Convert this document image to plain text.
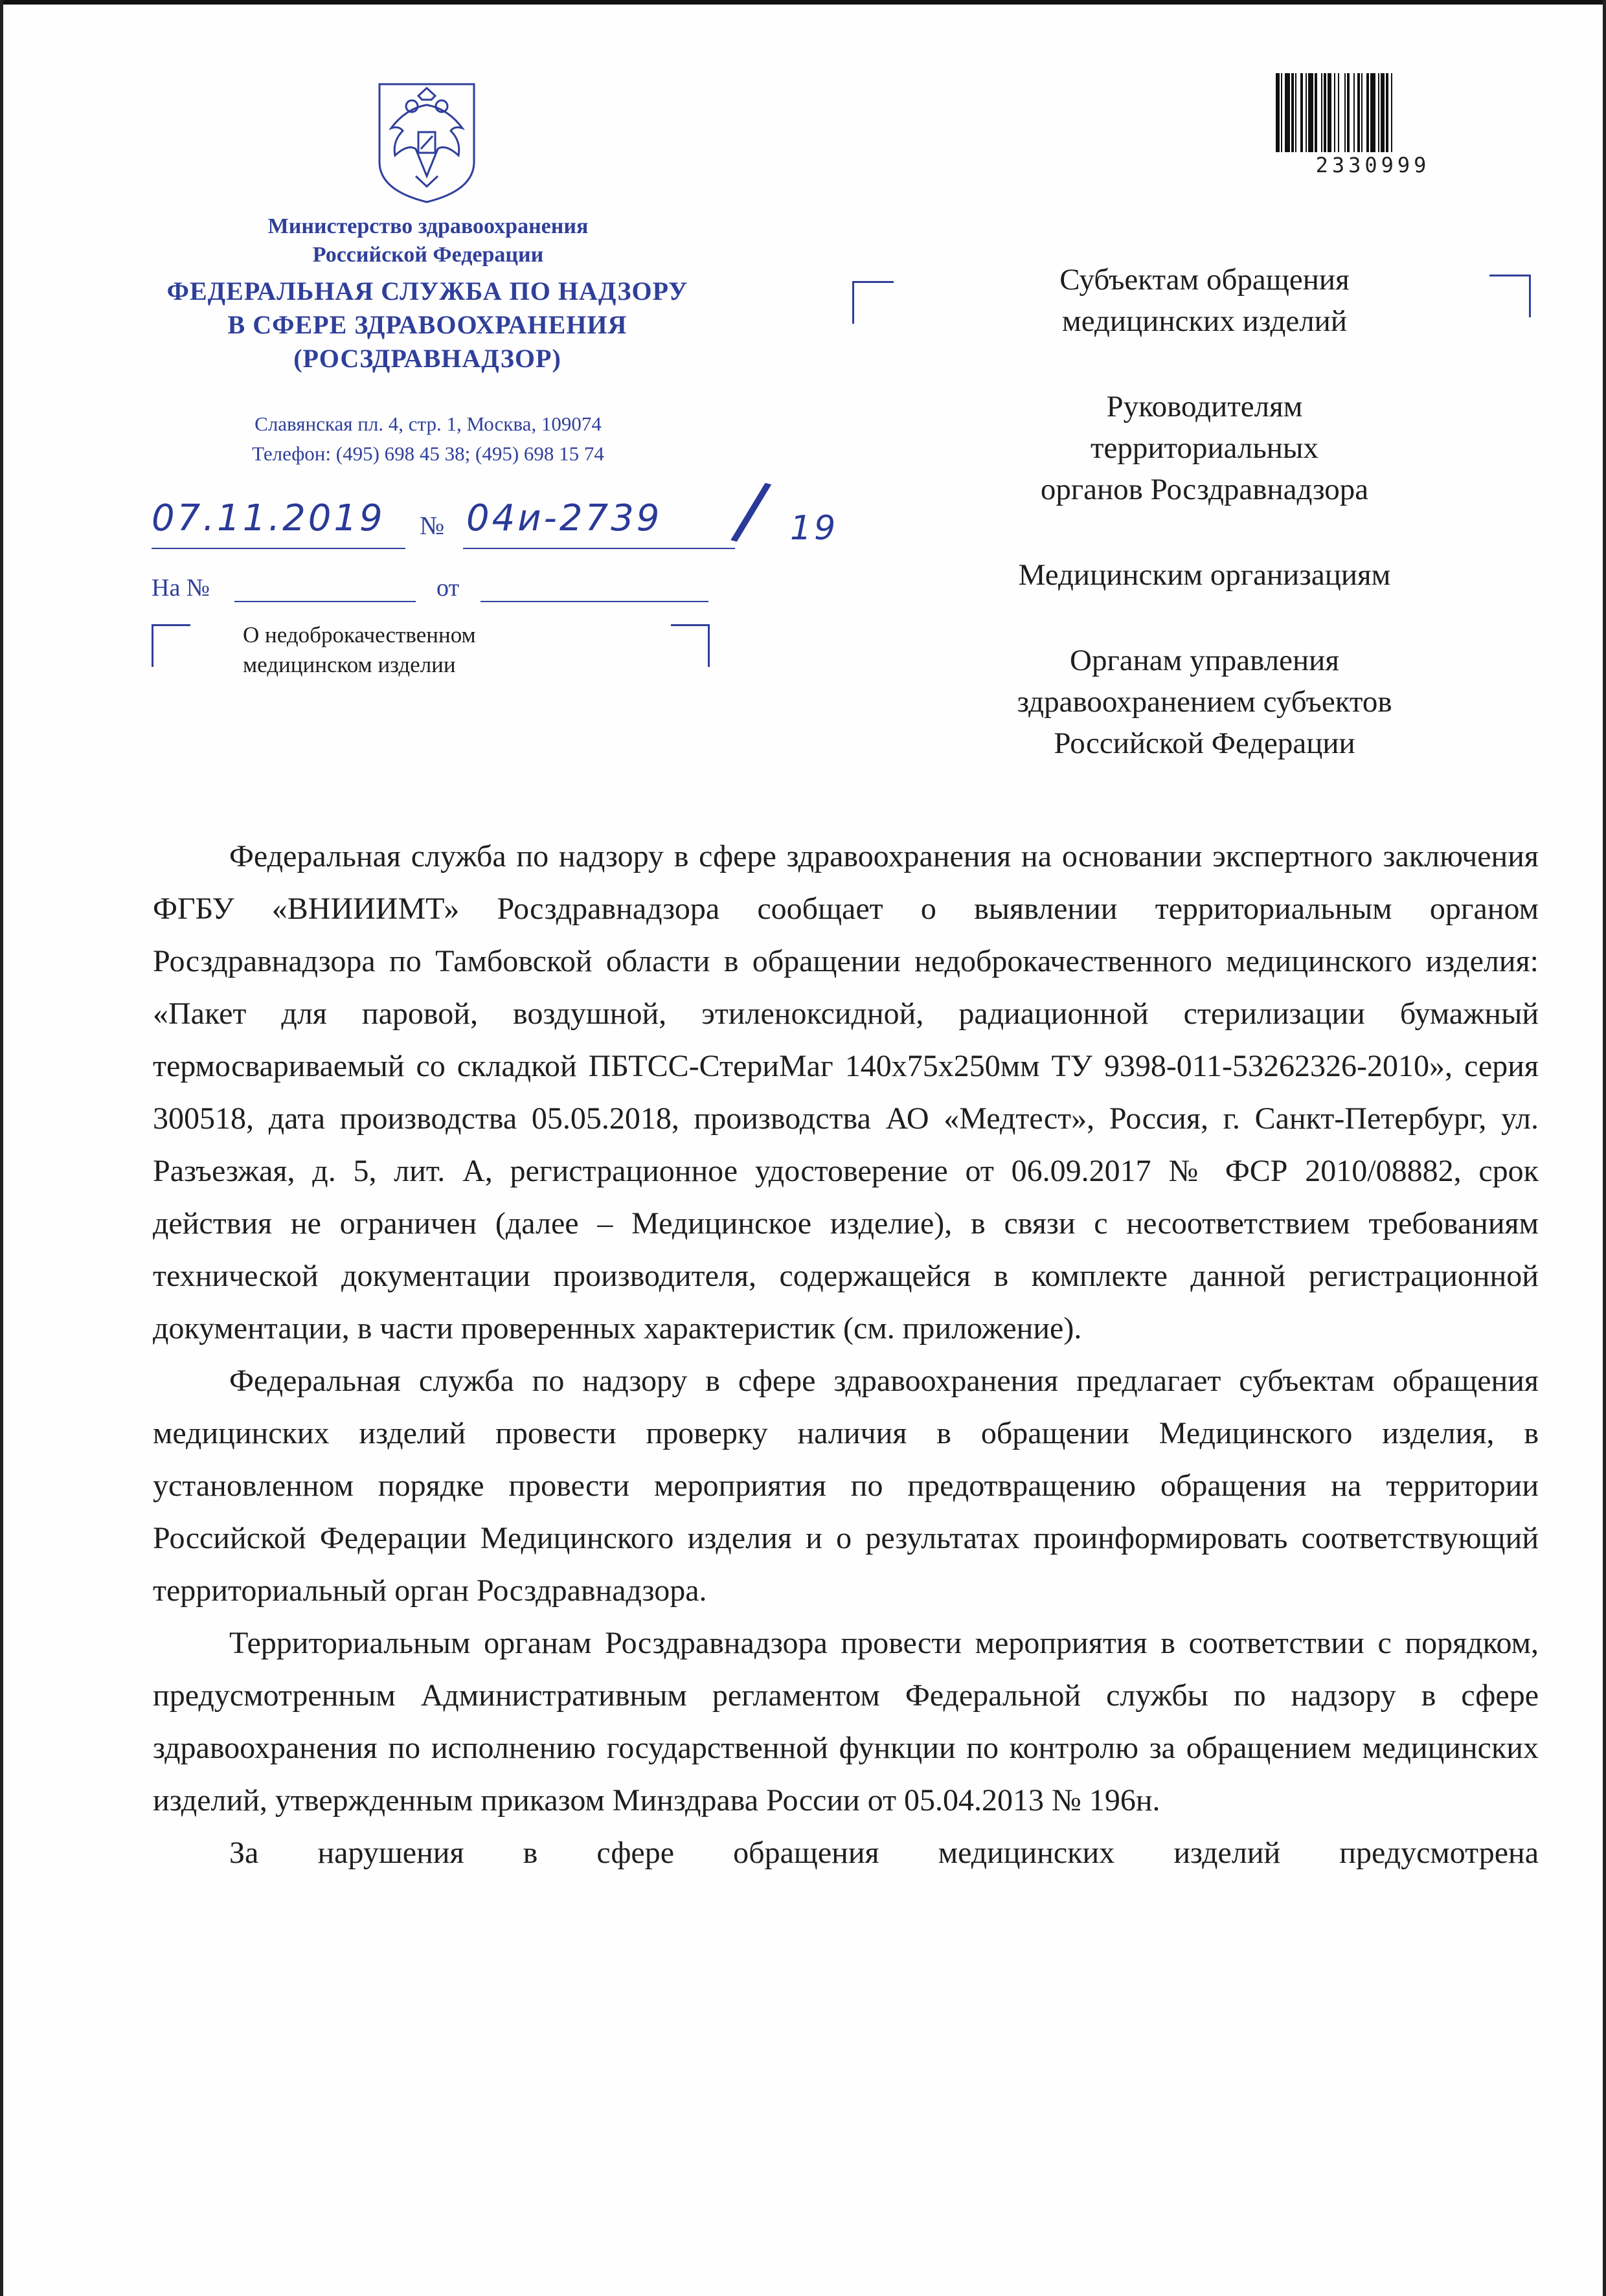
Министерство здравоохранения
Российской Федерации
ФЕДЕРАЛЬНАЯ СЛУЖБА ПО НАДЗОРУ
В СФЕРЕ ЗДРАВООХРАНЕНИЯ
(РОСЗДРАВНАДЗОР)
Славянская пл. 4, стр. 1, Москва, 109074
Телефон: (495) 698 45 38; (495) 698 15 74
07.11.2019 № 04и-2739 / 19
На №	от
О недоброкачественном
медицинском изделии
Субъектам обращения
медицинских изделий
Руководителям
территориальных
органов Росздравнадзора
Медицинским организациям
Органам управления
здравоохранением субъектов
Российской Федерации
2330999

Федеральная служба по надзору в сфере здравоохранения на основании экспертного заключения ФГБУ «ВНИИИМТ» Росздравнадзора сообщает о выявлении территориальным органом Росздравнадзора по Тамбовской области в обращении недоброкачественного медицинского изделия: «Пакет для паровой, воздушной, этиленоксидной, радиационной стерилизации бумажный термосвариваемый со складкой ПБТСС-СтериМаг 140х75х250мм ТУ 9398-011-53262326-2010», серия 300518, дата производства 05.05.2018, производства АО «Медтест», Россия, г. Санкт-Петербург, ул. Разъезжая, д. 5, лит. А, регистрационное удостоверение от 06.09.2017 № ФСР 2010/08882, срок действия не ограничен (далее – Медицинское изделие), в связи с несоответствием требованиям технической документации производителя, содержащейся в комплекте данной регистрационной документации, в части проверенных характеристик (см. приложение).

Федеральная служба по надзору в сфере здравоохранения предлагает субъектам обращения медицинских изделий провести проверку наличия в обращении Медицинского изделия, в установленном порядке провести мероприятия по предотвращению обращения на территории Российской Федерации Медицинского изделия и о результатах проинформировать соответствующий территориальный орган Росздравнадзора.

Территориальным органам Росздравнадзора провести мероприятия в соответствии с порядком, предусмотренным Административным регламентом Федеральной службы по надзору в сфере здравоохранения по исполнению государственной функции по контролю за обращением медицинских изделий, утвержденным приказом Минздрава России от 05.04.2013 № 196н.

За нарушения в сфере обращения медицинских изделий предусмотрена
